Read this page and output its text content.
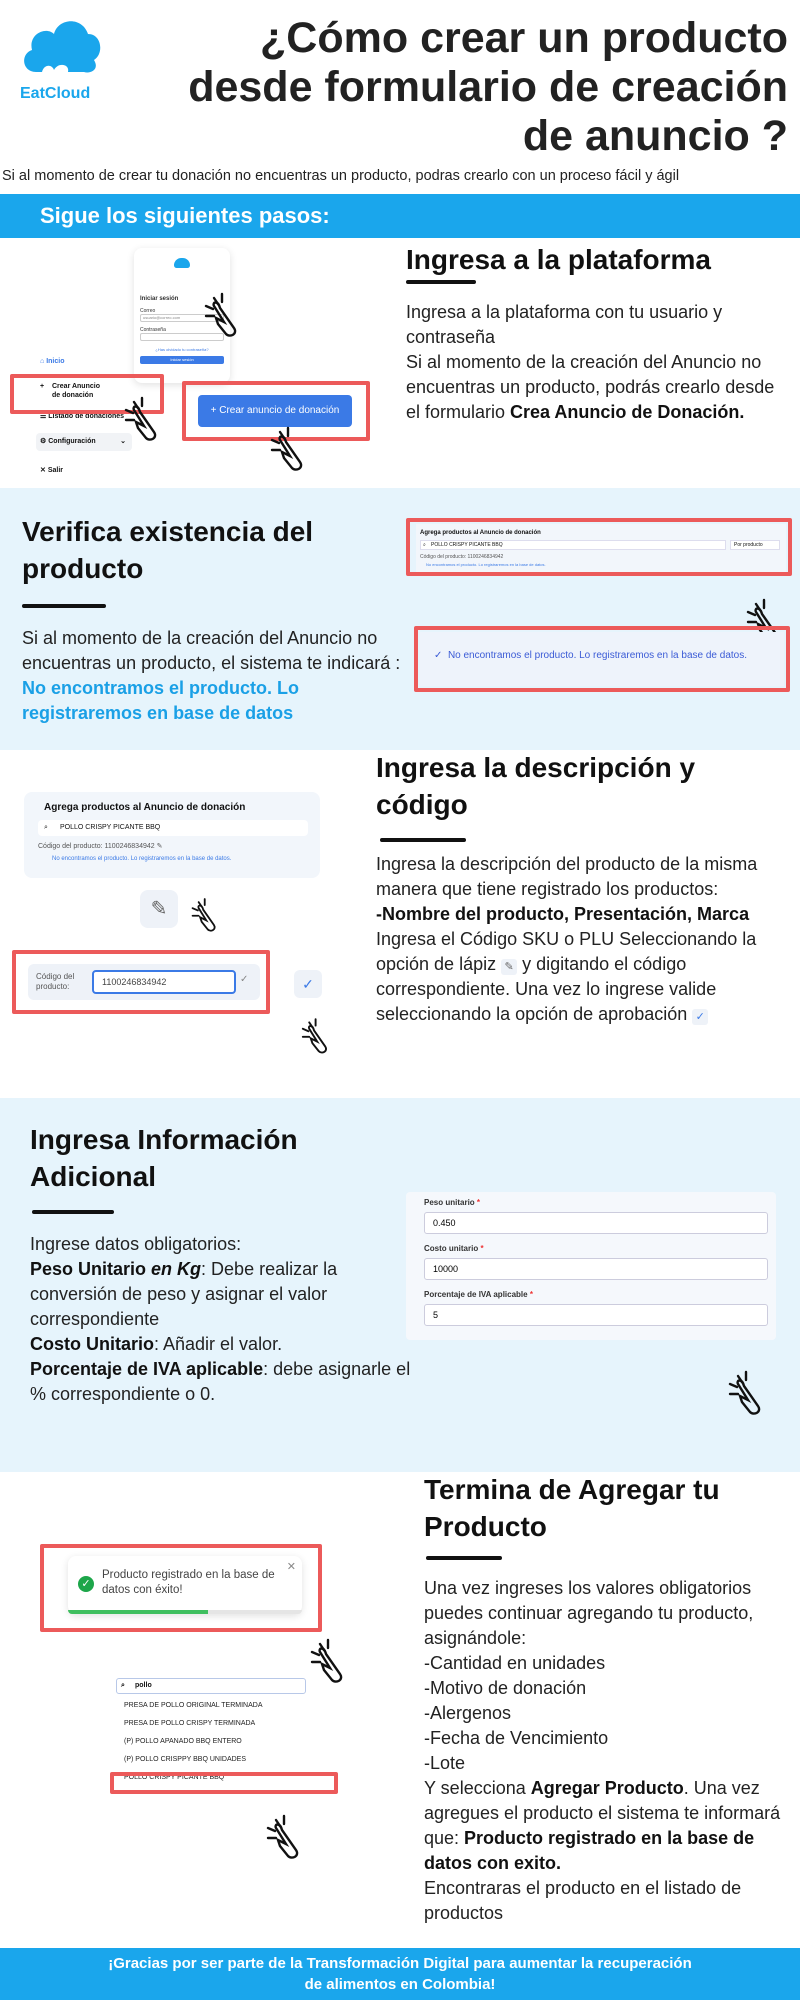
EatCloud
¿Cómo crear un producto
desde formulario de creación
de anuncio ?
Si al momento de crear tu donación no encuentras un producto, podras crearlo con un proceso fácil y ágil
Sigue los siguientes pasos:
Iniciar sesión
Correo
usuario@correo.com
Contraseña
¿Has olvidado tu contraseña?
Iniciar sesión
⌂ Inicio
+ Crear Anuncio de donación
☰ Listado de donaciones
⚙ Configuración	⌄
✕ Salir
+ Crear anuncio de donación
Ingresa a la plataforma
Ingresa a la plataforma con tu usuario y contraseña
Si al momento de la creación del Anuncio no encuentras un producto, podrás crearlo desde el formulario Crea Anuncio de Donación.
Verifica existencia del producto
Si al momento de la creación del Anuncio no encuentras un producto, el sistema te indicará : No encontramos el producto. Lo registraremos en base de datos
Agrega productos al Anuncio de donación
⌕ POLLO CRISPY PICANTE BBQ	Por producto
Código del producto: 1100246834942
No encontramos el producto. Lo registraremos en la base de datos.
✓  No encontramos el producto. Lo registraremos en la base de datos.
Agrega productos al Anuncio de donación
⌕ POLLO CRISPY PICANTE BBQ
Código del producto: 1100246834942 ✎
No encontramos el producto. Lo registraremos en la base de datos.
✎
Código del producto:
1100246834942
✓	✓
Ingresa la descripción y código
Ingresa la descripción del producto de la misma manera que tiene registrado los productos:
-Nombre del producto, Presentación, Marca
Ingresa el Código SKU o PLU Seleccionando la opción de lápiz ✎ y digitando el código correspondiente. Una vez lo ingrese valide seleccionando la opción de aprobación ✓
Ingresa Información Adicional
Ingrese datos obligatorios:
Peso Unitario en Kg: Debe realizar la conversión de peso y asignar el valor correspondiente
Costo Unitario: Añadir el valor.
Porcentaje de IVA aplicable: debe asignarle el % correspondiente o 0.
Peso unitario *
0.450
Costo unitario *
10000
Porcentaje de IVA aplicable *
5
✓
Producto registrado en la base de datos con éxito!
✕
⌕ pollo
PRESA DE POLLO ORIGINAL TERMINADA
PRESA DE POLLO CRISPY TERMINADA
(P) POLLO APANADO BBQ ENTERO
(P) POLLO CRISPPY BBQ UNIDADES
POLLO CRISPY PICANTE BBQ
Termina de Agregar tu Producto
Una vez ingreses los valores obligatorios puedes continuar agregando tu producto, asignándole:
-Cantidad en unidades
-Motivo de donación
-Alergenos
-Fecha de Vencimiento
-Lote
Y selecciona Agregar Producto. Una vez agregues el producto el sistema te informará que: Producto registrado en la base de datos con exito.
Encontraras el producto en el listado de productos
¡Gracias por ser parte de la Transformación Digital para aumentar la recuperación
de alimentos en Colombia!
